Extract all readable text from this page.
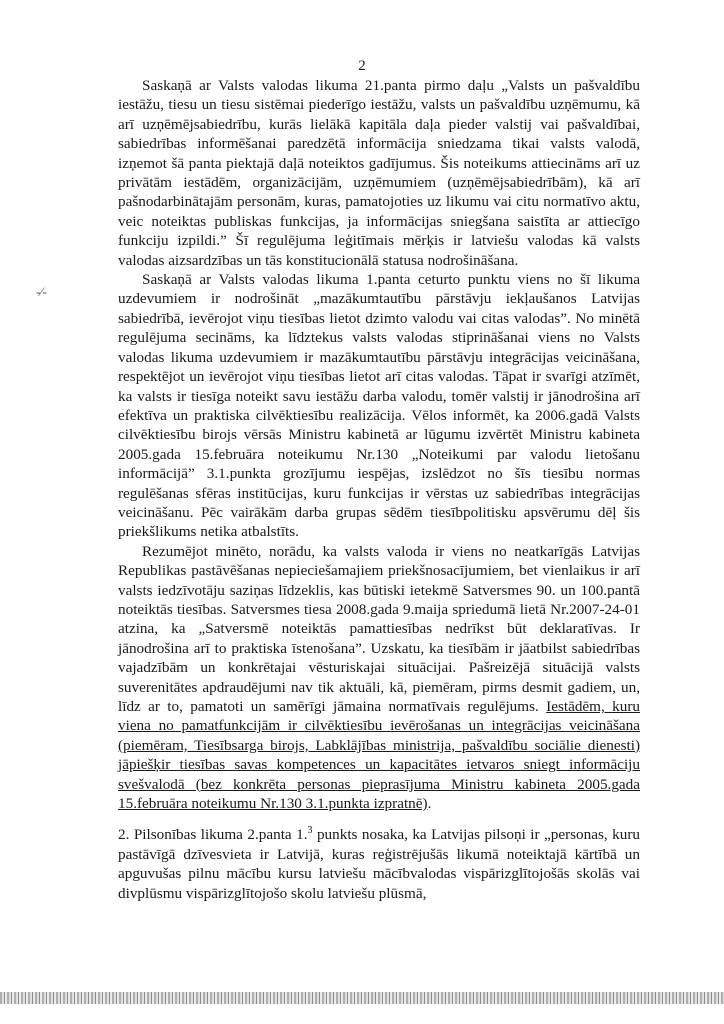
2
-⁄-

Saskaņā ar Valsts valodas likuma 21.panta pirmo daļu „Valsts un pašvaldību iestāžu, tiesu un tiesu sistēmai piederīgo iestāžu, valsts un pašvaldību uzņēmumu, kā arī uzņēmējsabiedrību, kurās lielākā kapitāla daļa pieder valstij vai pašvaldībai, sabiedrības informēšanai paredzētā informācija sniedzama tikai valsts valodā, izņemot šā panta piektajā daļā noteiktos gadījumus. Šis noteikums attiecināms arī uz privātām iestādēm, organizācijām, uzņēmumiem (uzņēmējsabiedrībām), kā arī pašnodarbinātajām personām, kuras, pamatojoties uz likumu vai citu normatīvo aktu, veic noteiktas publiskas funkcijas, ja informācijas sniegšana saistīta ar attiecīgo funkciju izpildi.” Šī regulējuma leģitīmais mērķis ir latviešu valodas kā valsts valodas aizsardzības un tās konstitucionālā statusa nodrošināšana.

Saskaņā ar Valsts valodas likuma 1.panta ceturto punktu viens no šī likuma uzdevumiem ir nodrošināt „mazākumtautību pārstāvju iekļaušanos Latvijas sabiedrībā, ievērojot viņu tiesības lietot dzimto valodu vai citas valodas”. No minētā regulējuma secināms, ka līdztekus valsts valodas stiprināšanai viens no Valsts valodas likuma uzdevumiem ir mazākumtautību pārstāvju integrācijas veicināšana, respektējot un ievērojot viņu tiesības lietot arī citas valodas. Tāpat ir svarīgi atzīmēt, ka valsts ir tiesīga noteikt savu iestāžu darba valodu, tomēr valstij ir jānodrošina arī efektīva un praktiska cilvēktiesību realizācija. Vēlos informēt, ka 2006.gadā Valsts cilvēktiesību birojs vērsās Ministru kabinetā ar lūgumu izvērtēt Ministru kabineta 2005.gada 15.februāra noteikumu Nr.130 „Noteikumi par valodu lietošanu informācijā” 3.1.punkta grozījumu iespējas, izslēdzot no šīs tiesību normas regulēšanas sfēras institūcijas, kuru funkcijas ir vērstas uz sabiedrības integrācijas veicināšanu. Pēc vairākām darba grupas sēdēm tiesībpolitisku apsvērumu dēļ šis priekšlikums netika atbalstīts.

Rezumējot minēto, norādu, ka valsts valoda ir viens no neatkarīgās Latvijas Republikas pastāvēšanas nepieciešamajiem priekšnosacījumiem, bet vienlaikus ir arī valsts iedzīvotāju saziņas līdzeklis, kas būtiski ietekmē Satversmes 90. un 100.pantā noteiktās tiesības. Satversmes tiesa 2008.gada 9.maija spriedumā lietā Nr.2007-24-01 atzina, ka „Satversmē noteiktās pamattiesības nedrīkst būt deklaratīvas. Ir jānodrošina arī to praktiska īstenošana”. Uzskatu, ka tiesībām ir jāatbilst sabiedrības vajadzībām un konkrētajai vēsturiskajai situācijai. Pašreizējā situācijā valsts suverenitātes apdraudējumi nav tik aktuāli, kā, piemēram, pirms desmit gadiem, un, līdz ar to, pamatoti un samērīgi jāmaina normatīvais regulējums. Iestādēm, kuru viena no pamatfunkcijām ir cilvēktiesību ievērošanas un integrācijas veicināšana (piemēram, Tiesībsarga birojs, Labklājības ministrija, pašvaldību sociālie dienesti) jāpiešķir tiesības savas kompetences un kapacitātes ietvaros sniegt informāciju svešvalodā (bez konkrēta personas pieprasījuma Ministru kabineta 2005.gada 15.februāra noteikumu Nr.130 3.1.punkta izpratnē).

2. Pilsonības likuma 2.panta 1.$^3$ punkts nosaka, ka Latvijas pilsoņi ir „personas, kuru pastāvīgā dzīvesvieta ir Latvijā, kuras reģistrējušās likumā noteiktajā kārtībā un apguvušas pilnu mācību kursu latviešu mācībvalodas vispārizglītojošās skolās vai divplūsmu vispārizglītojošo skolu latviešu plūsmā,
